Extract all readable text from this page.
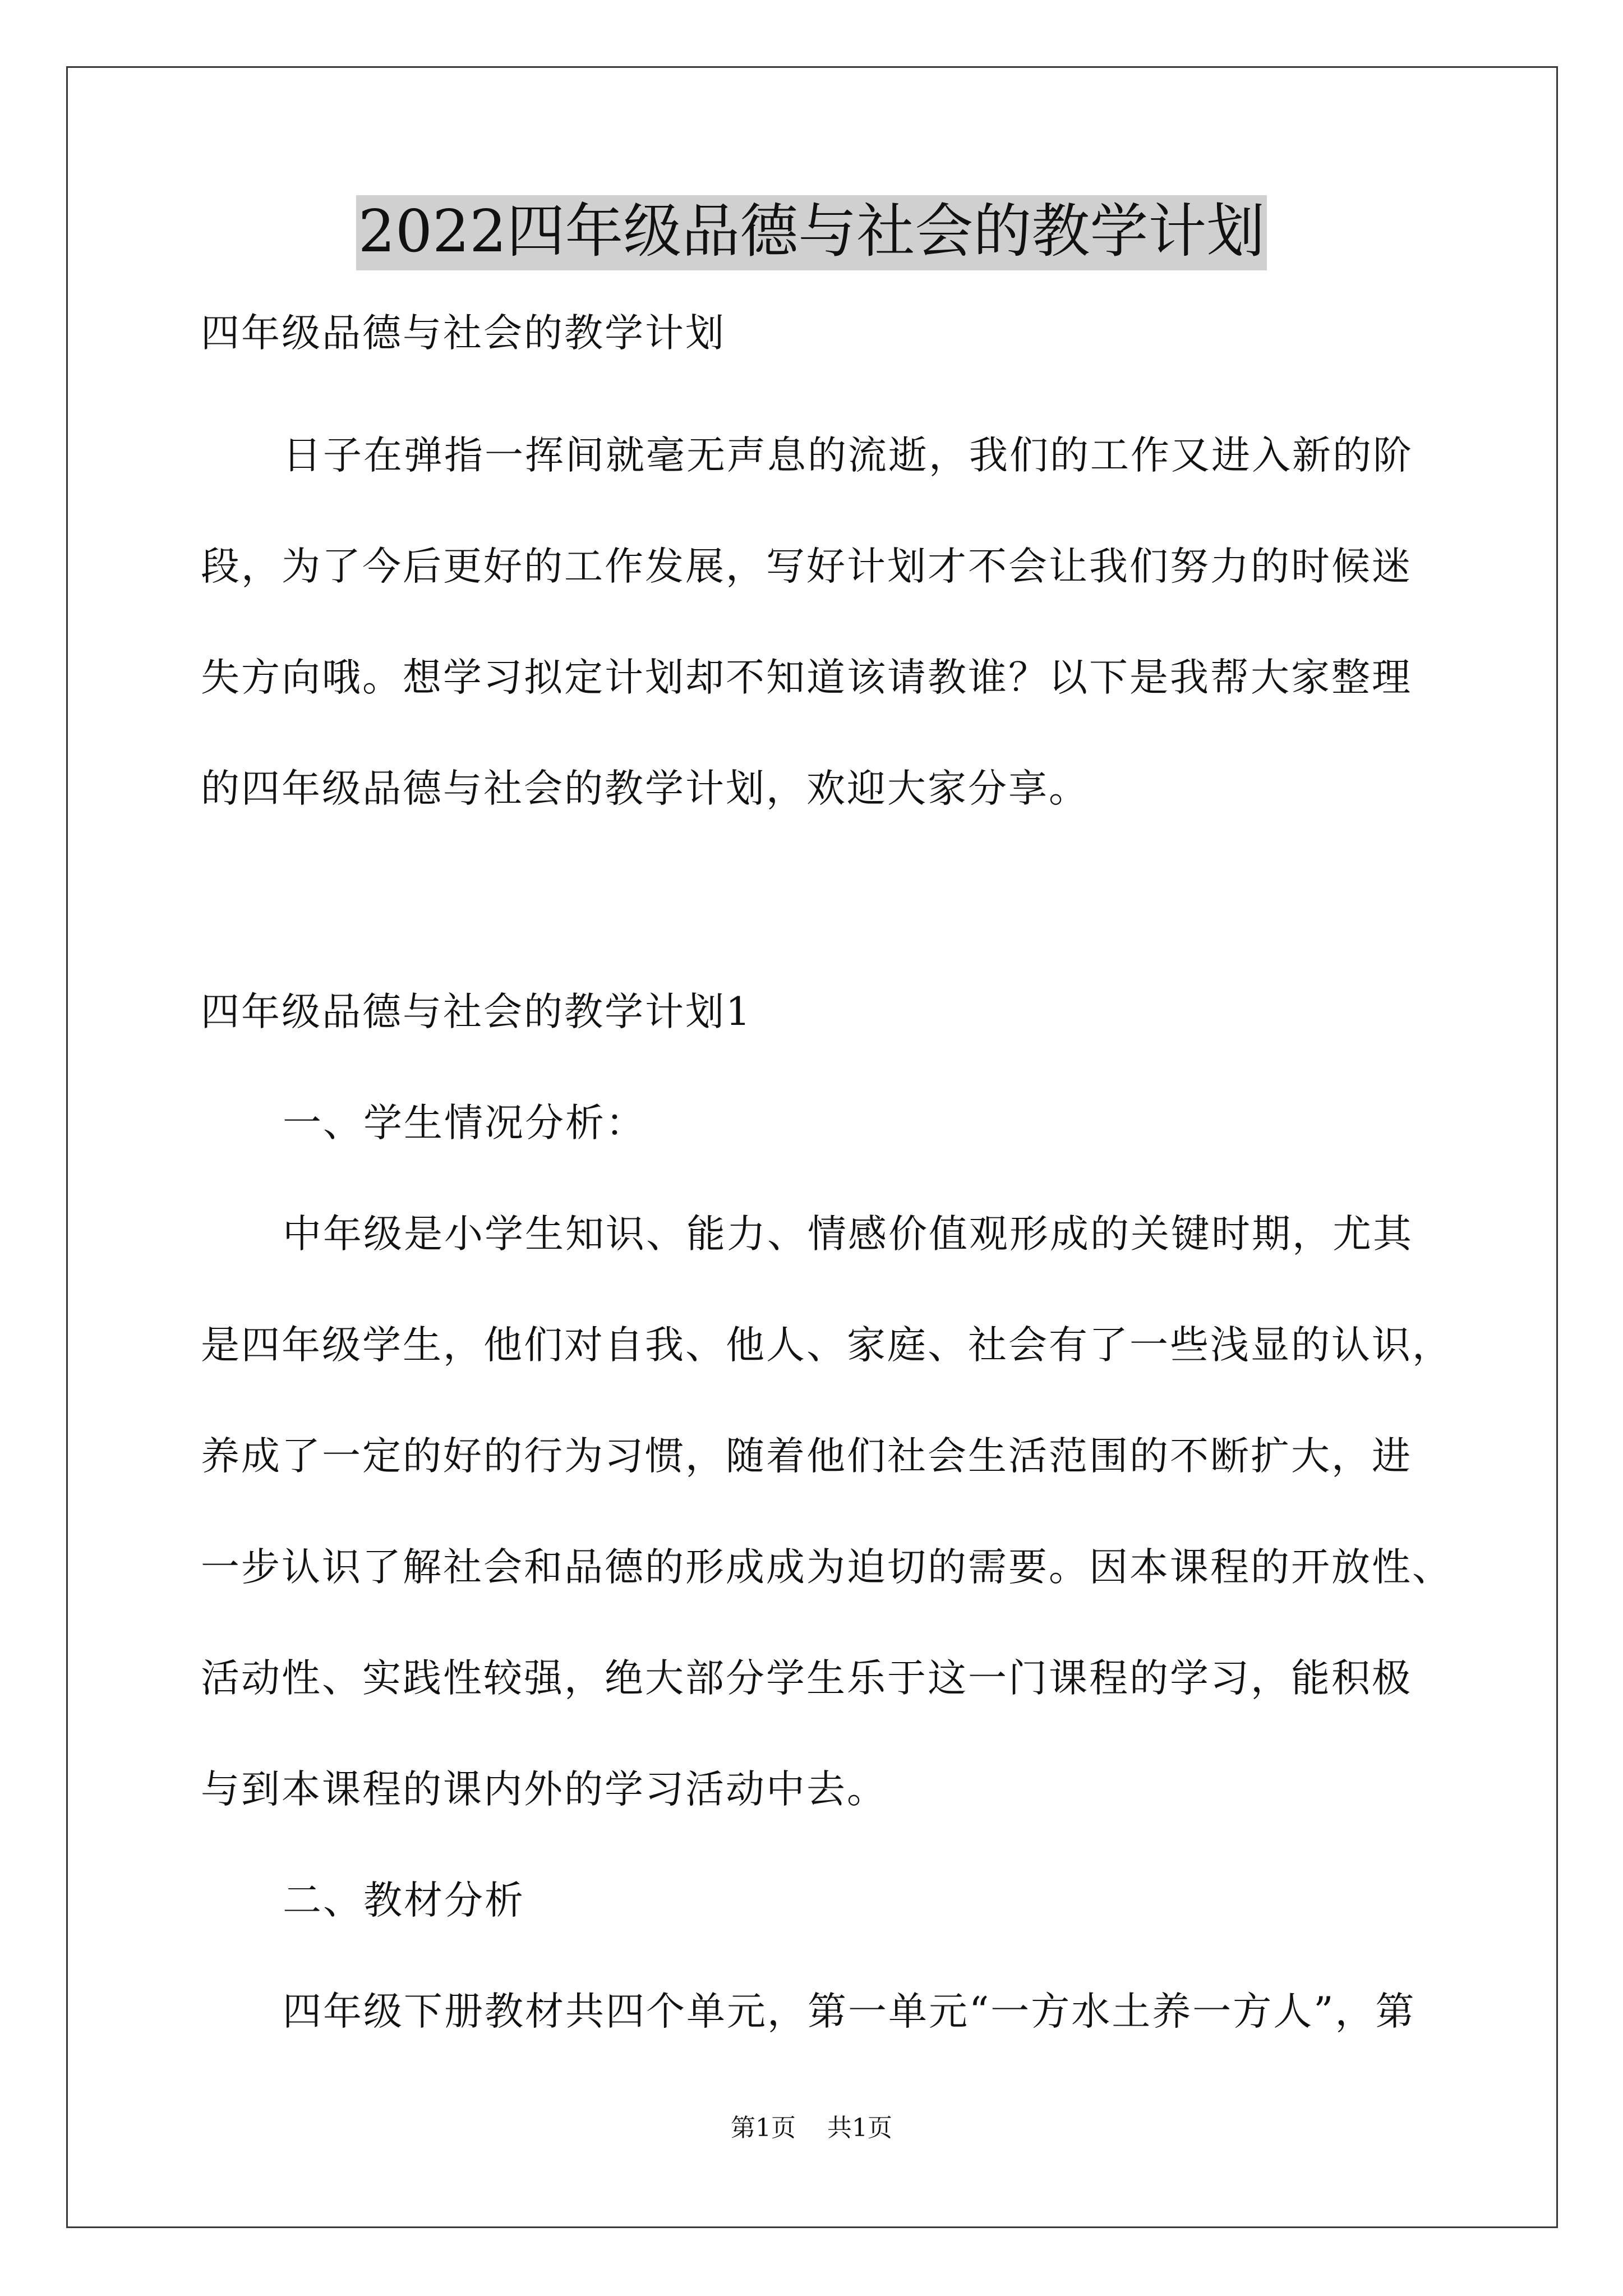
2022四年级品德与社会的教学计划

四年级品德与社会的教学计划

日子在弹指一挥间就毫无声息的流逝，我们的工作又进入新的阶

段，为了今后更好的工作发展，写好计划才不会让我们努力的时候迷

失方向哦。想学习拟定计划却不知道该请教谁？以下是我帮大家整理

的四年级品德与社会的教学计划，欢迎大家分享。

四年级品德与社会的教学计划1

一、学生情况分析：

中年级是小学生知识、能力、情感价值观形成的关键时期，尤其

是四年级学生，他们对自我、他人、家庭、社会有了一些浅显的认识，

养成了一定的好的行为习惯，随着他们社会生活范围的不断扩大，进

一步认识了解社会和品德的形成成为迫切的需要。因本课程的开放性、

活动性、实践性较强，绝大部分学生乐于这一门课程的学习，能积极

与到本课程的课内外的学习活动中去。

二、教材分析

四年级下册教材共四个单元，第一单元“一方水土养一方人”，第

第1页 共1页
